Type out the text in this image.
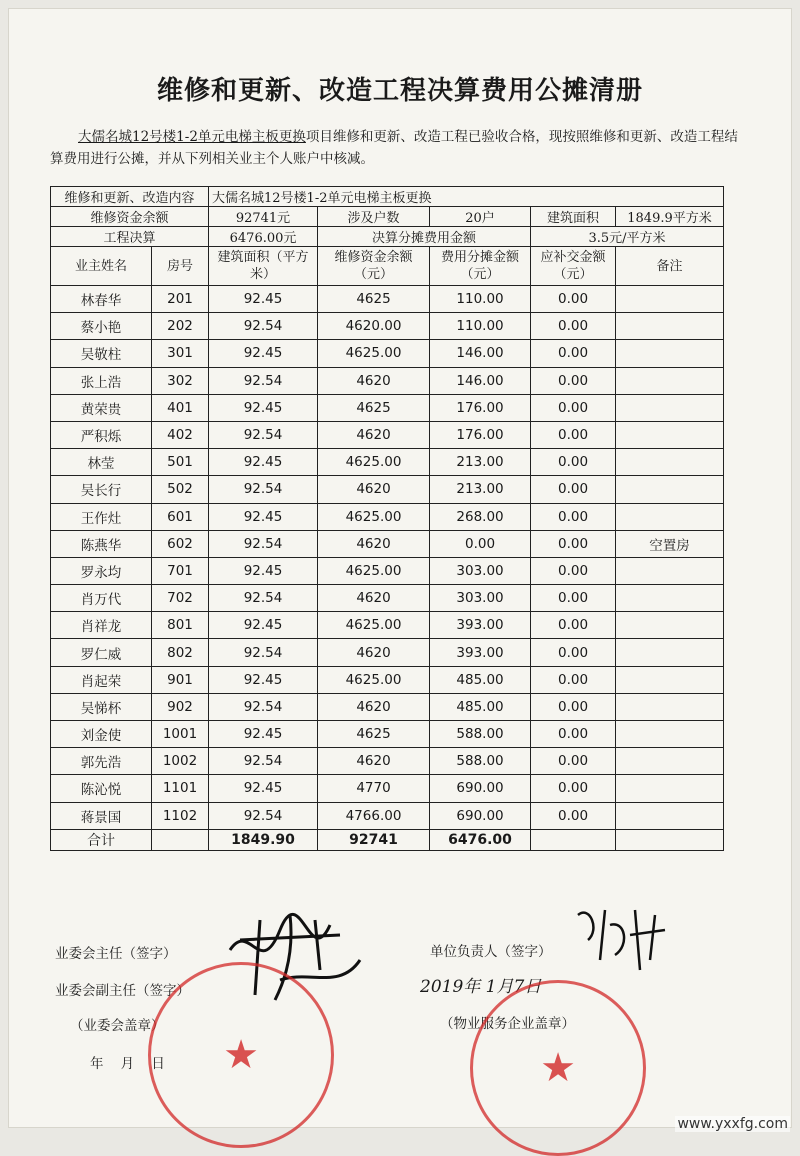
维修和更新、改造工程决算费用公摊清册

大儒名城12号楼1-2单元电梯主板更换项目维修和更新、改造工程已验收合格，现按照维修和更新、改造工程结算费用进行公摊，并从下列相关业主个人账户中核减。

维修和更新、改造内容		大儒名城12号楼1-2单元电梯主板更换				
维修资金余额		92741元	涉及户数	20户	建筑面积	1849.9平方米
工程决算		6476.00元	决算分摊费用金额		3.5元/平方米	
业主姓名	房号	建筑面积（平方米）	维修资金余额（元）	费用分摊金额（元）	应补交金额（元）	备注
林春华	201	92.45	4625	110.00	0.00	
蔡小艳	202	92.54	4620.00	110.00	0.00	
吴敬柱	301	92.45	4625.00	146.00	0.00	
张上浩	302	92.54	4620	146.00	0.00	
黄荣贵	401	92.45	4625	176.00	0.00	
严积烁	402	92.54	4620	176.00	0.00	
林莹	501	92.45	4625.00	213.00	0.00	
吴长行	502	92.54	4620	213.00	0.00	
王作灶	601	92.45	4625.00	268.00	0.00	
陈燕华	602	92.54	4620	0.00	0.00	空置房
罗永均	701	92.45	4625.00	303.00	0.00	
肖万代	702	92.54	4620	303.00	0.00	
肖祥龙	801	92.45	4625.00	393.00	0.00	
罗仁威	802	92.54	4620	393.00	0.00	
肖起荣	901	92.45	4625.00	485.00	0.00	
吴悌杯	902	92.54	4620	485.00	0.00	
刘金使	1001	92.45	4625	588.00	0.00	
郭先浩	1002	92.54	4620	588.00	0.00	
陈沁悦	1101	92.45	4770	690.00	0.00	
蒋景国	1102	92.54	4766.00	690.00	0.00	
合计		1849.90	92741	6476.00		
业委会主任（签字）
业委会副主任（签字）
（业委会盖章）
年    月    日
单位负责人（签字）
2019年 1月7日
（物业服务企业盖章）
★	★
www.yxxfg.com
